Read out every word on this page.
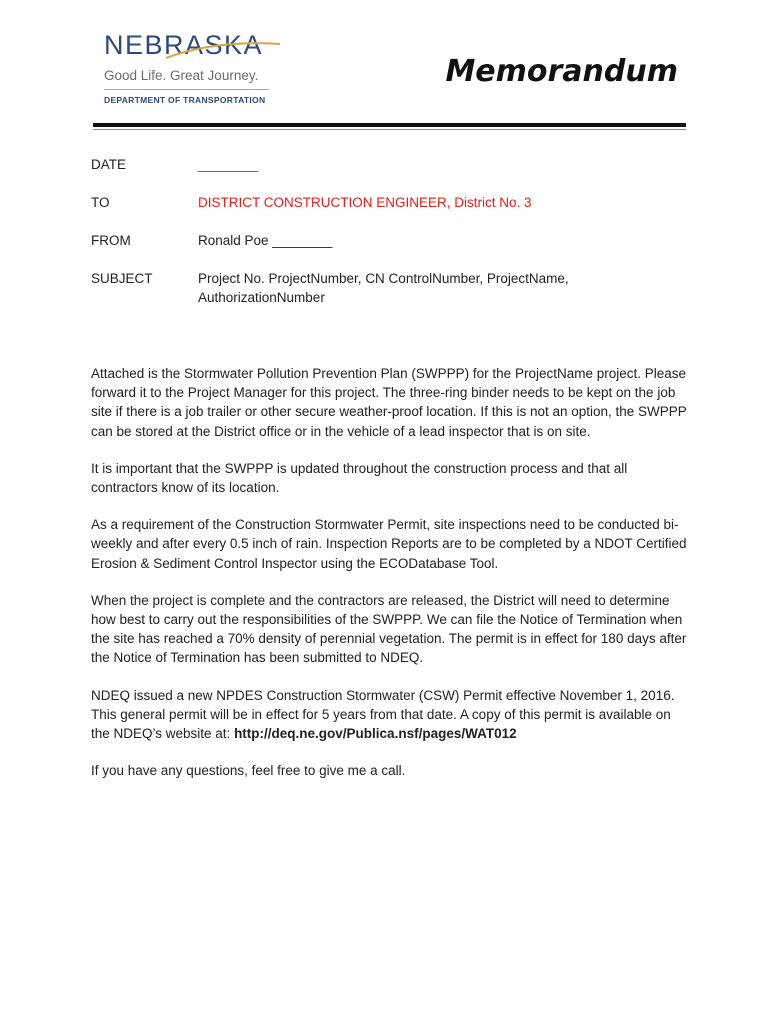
NEBRASKA
Good Life. Great Journey.
DEPARTMENT OF TRANSPORTATION
Memorandum
DATE	________
TO	DISTRICT CONSTRUCTION ENGINEER, District No. 3
FROM	Ronald Poe ________
SUBJECT	Project No. ProjectNumber, CN ControlNumber, ProjectName,
AuthorizationNumber

Attached is the Stormwater Pollution Prevention Plan (SWPPP) for the ProjectName project. Please forward it to the Project Manager for this project. The three-ring binder needs to be kept on the job site if there is a job trailer or other secure weather-proof location. If this is not an option, the SWPPP can be stored at the District office or in the vehicle of a lead inspector that is on site.

It is important that the SWPPP is updated throughout the construction process and that all contractors know of its location.

As a requirement of the Construction Stormwater Permit, site inspections need to be conducted bi-weekly and after every 0.5 inch of rain. Inspection Reports are to be completed by a NDOT Certified Erosion & Sediment Control Inspector using the ECODatabase Tool.

When the project is complete and the contractors are released, the District will need to determine how best to carry out the responsibilities of the SWPPP. We can file the Notice of Termination when the site has reached a 70% density of perennial vegetation. The permit is in effect for 180 days after the Notice of Termination has been submitted to NDEQ.

NDEQ issued a new NPDES Construction Stormwater (CSW) Permit effective November 1, 2016. This general permit will be in effect for 5 years from that date. A copy of this permit is available on the NDEQ’s website at: http://deq.ne.gov/Publica.nsf/pages/WAT012

If you have any questions, feel free to give me a call.
